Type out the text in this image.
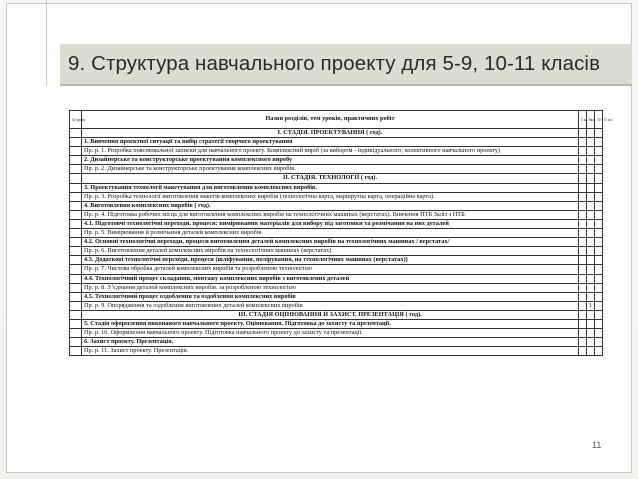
9. Структура навчального проекту для 5-9, 10-11 класів
№ уроку	Назви розділів, тем уроків, практичних робіт	5 кл.	6кл.	10 - 11 кл.
	I. СТАДІЯ. ПРОЕКТУВАННЯ ( год).			
	1. Вивчення проектної ситуації та вибір стратегії творчого проектування			
	Пр. р. 1. Розробка пояснювальної записки для навчального проекту. Комплексний виріб (за вибором - індивідуального; колективного навчального проекту)			
	2. Дизайнерське та конструкторське проектування комплексного виробу			
	Пр. р. 2. Дизайнерське та конструкторське проектування комплексних виробів.			
	II. СТАДІЯ. ТЕХНОЛОГІЇ ( год).			
	3. Проектування технології макетування для виготовлення комплексних виробів.			
	Пр. р. 3. Розробка технології виготовлення макетів комплексних виробів (технологічна карта, маршрутна карта, операційна карта).			
	4. Виготовлення комплексних виробів ( год).			
	Пр. р. 4. Підготовка робочих місць для виготовлення комплексних виробів на технологічних машинах (верстатах). Вивчення ПТБ Заліз з ПТБ.			
	4.1. Підготовчі технологічні переходи, процеси: вимірювання матеріалів для вибору під заготовки та розмічання на них деталей			
	Пр. р. 5. Вимірювання й розмічання деталей комплексних виробів			
	4.2. Основні технологічні переходи, процеси виготовлення деталей комплексних виробів на технологічних машинах / верстатах/			
	Пр. р. 6. Виготовлення деталей комплексних виробів на технологічних машинах (верстатах)			
	4.3. Додаткові технологічні переходи, процеси (шліфування, полірування, на технологічних машинах (верстатах))			
	Пр. р. 7. Чистова обробка деталей комплексних виробів та розробленою технологією			
	4.4. Технологічний процес складання, монтажу комплексних виробів з виготовлених деталей			
	Пр. р. 8. З 'єднання деталей комплексних виробів. за розробленою технологією			
	4.5. Технологічний процес оздоблення та оздоблення комплексних виробів			
	Пр. р. 9. Опорядження та оздоблення виготовлених деталей комплексних виробів		1	
	III. СТАДІЯ ОЦІНЮВАННЯ Й ЗАХИСТ. ПРЕЗЕНТАЦІЯ ( год).			
	5. Стадія оформлення виконаного навчального проекту. Оцінювання. Підготовка до захисту та презентації.			
	Пр. р. 10. Оформлення навчального проекту. Підготовка навчального проекту до захисту та презентації.			
	6. Захист проекту. Презентація.			
	Пр. р. 11. Захист проекту. Презентація.			
11
